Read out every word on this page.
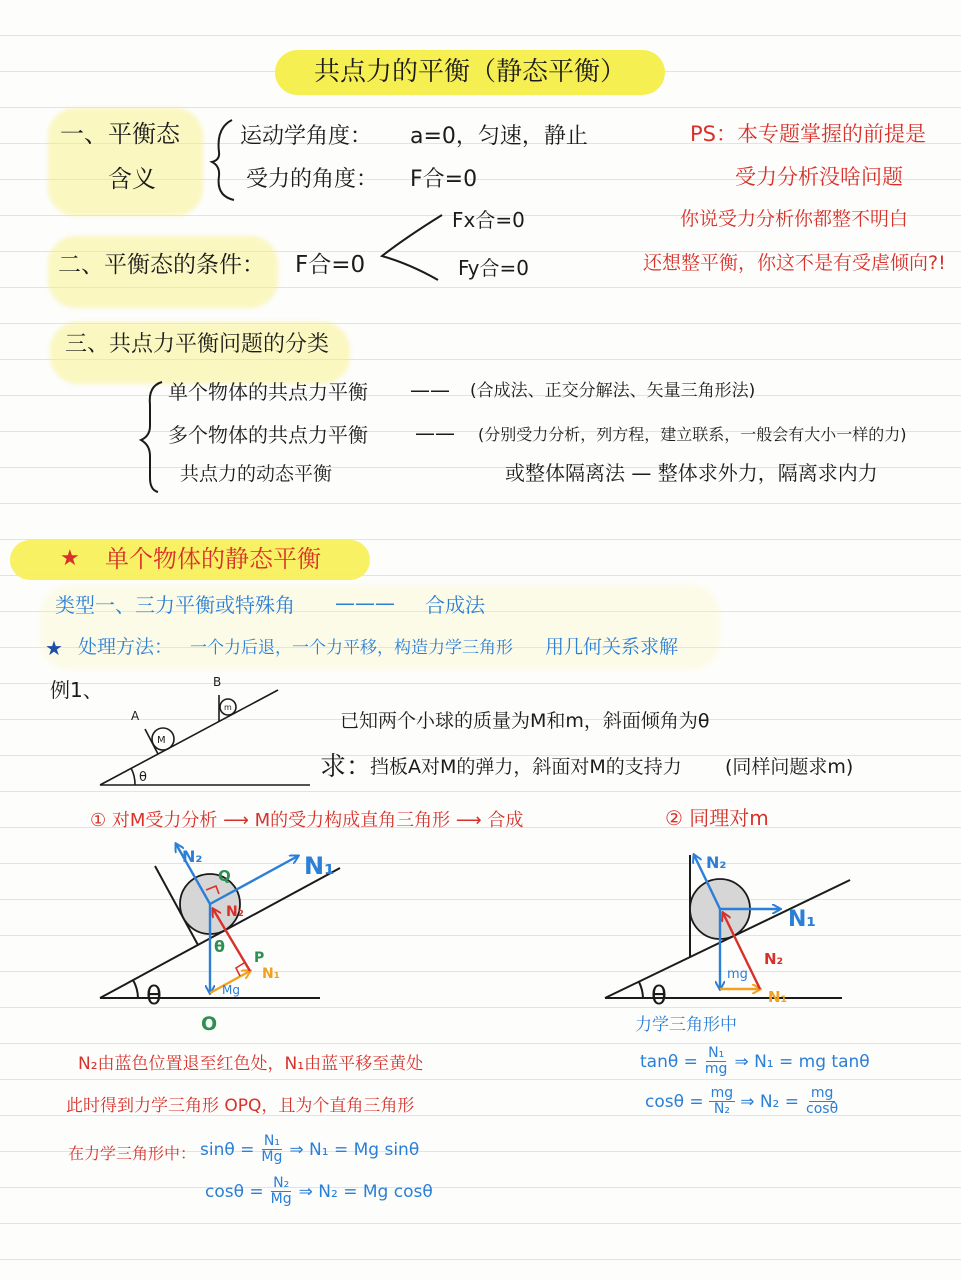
θ
A
B
M
m
N₂	N₁
Q
N₂
θ
P
N₁
Mg
O
θ
N₂
N₁
mg
N₂
N₁
θ
共点力的平衡（静态平衡）
一、平衡态
含义
运动学角度： a=0，匀速，静止
受力的角度： F合=0
PS：本专题掌握的前提是
受力分析没啥问题
你说受力分析你都整不明白
还想整平衡，你这不是有受虐倾向?!
二、平衡态的条件： F合=0
Fx合=0
Fy合=0
三、共点力平衡问题的分类
单个物体的共点力平衡 —— (合成法、正交分解法、矢量三角形法)
多个物体的共点力平衡 —— (分别受力分析，列方程，建立联系，一般会有大小一样的力)
共点力的动态平衡	或整体隔离法 — 整体求外力，隔离求内力
★ 单个物体的静态平衡
类型一、三力平衡或特殊角 ——— 合成法
★ 处理方法： 一个力后退，一个力平移，构造力学三角形 用几何关系求解
例1、
已知两个小球的质量为M和m，斜面倾角为θ
求：
挡板A对M的弹力，斜面对M的支持力 (同样问题求m)
① 对M受力分析 ⟶ M的受力构成直角三角形 ⟶ 合成	② 同理对m
力学三角形中
$\tan\theta = \frac{\text{N₁}}{mg}$ ⇒ N₁ = mg tanθ
$\cos\theta = \frac{mg}{\text{N₂}}$ ⇒ $N_2 = \frac{mg}{\cos\theta}$
N₂由蓝色位置退至红色处，N₁由蓝平移至黄处
此时得到力学三角形 OPQ，且为个直角三角形
在力学三角形中： $\sin\theta = \frac{\text{N₁}}{Mg}$ ⇒ N₁ = Mg sinθ
$\cos\theta = \frac{\text{N₂}}{Mg}$ ⇒ N₂ = Mg cosθ
